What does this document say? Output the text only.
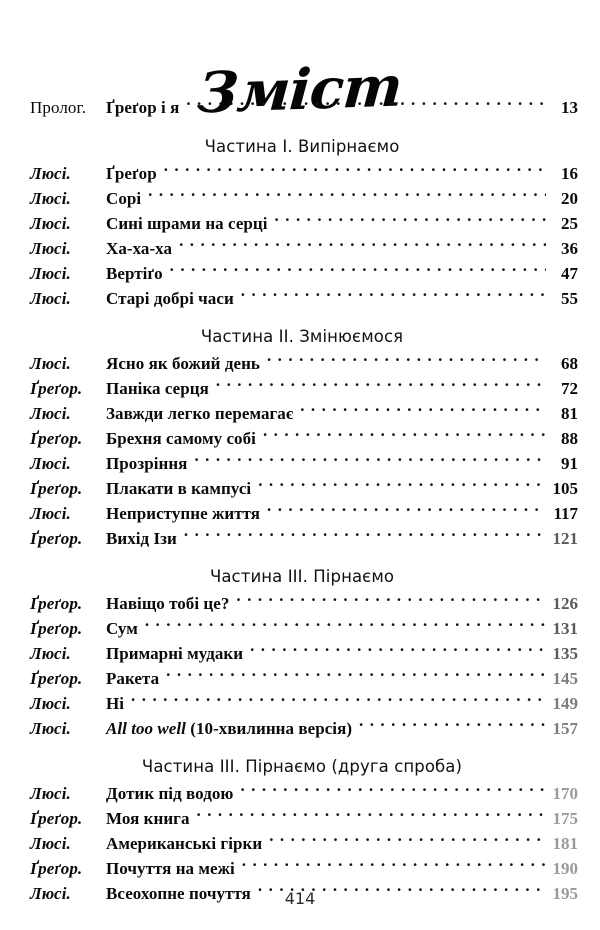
Зміст
Пролог.	Ґреґор і я . . .	13
Частина I. Випірнаємо
Люсі.	Ґреґор . . .	16
Люсі.	Сорі . . .	20
Люсі.	Сині шрами на серці . . .	25
Люсі.	Ха-ха-ха . . .	36
Люсі.	Вертіґо . . .	47
Люсі.	Старі добрі часи . . .	55
Частина II. Змінюємося
Люсі.	Ясно як божий день . . .	68
Ґреґор.	Паніка серця . . .	72
Люсі.	Завжди легко перемагає . . .	81
Ґреґор.	Брехня самому собі . . .	88
Люсі.	Прозріння . . .	91
Ґреґор.	Плакати в кампусі . . .	105
Люсі.	Неприступне життя . . .	117
Ґреґор.	Вихід Ізи . . .	121
Частина III. Пірнаємо
Ґреґор.	Навіщо тобі це? . . .	126
Ґреґор.	Сум . . .	131
Люсі.	Примарні мудаки . . .	135
Ґреґор.	Ракета . . .	145
Люсі.	Ні . . .	149
Люсі.	All too well (10-хвилинна версія) . . .	157
Частина III. Пірнаємо (друга спроба)
Люсі.	Дотик під водою . . .	170
Ґреґор.	Моя книга . . .	175
Люсі.	Американські гірки . . .	181
Ґреґор.	Почуття на межі . . .	190
Люсі.	Всеохопне почуття . . .	195
414
